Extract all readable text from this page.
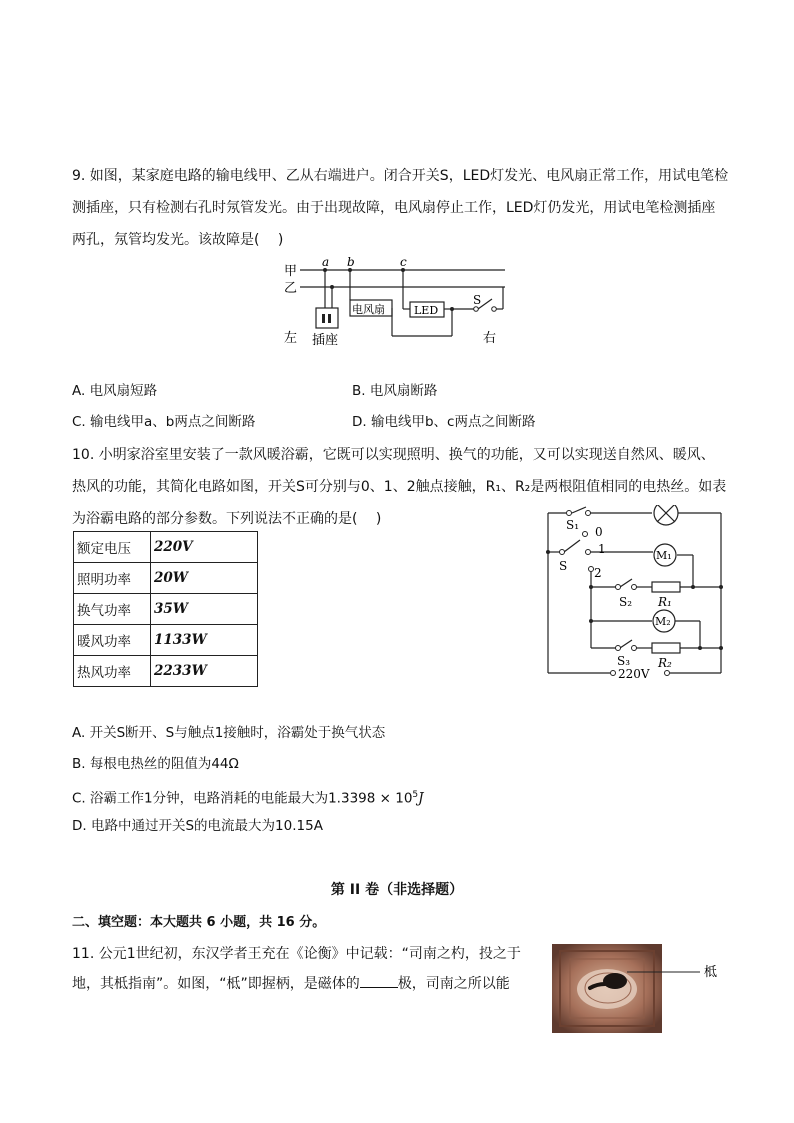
9. 如图，某家庭电路的输电线甲、乙从右端进户。闭合开关S，LED灯发光、电风扇正常工作，用试电笔检
测插座，只有检测右孔时氖管发光。由于出现故障，电风扇停止工作，LED灯仍发光，用试电笔检测插座
两孔，氖管均发光。该故障是(　 )
甲
乙
a b	c
电风扇	LED
S
左 插座	右
A. 电风扇短路	B. 电风扇断路
C. 输电线甲a、b两点之间断路	D. 输电线甲b、c两点之间断路
10. 小明家浴室里安装了一款风暖浴霸，它既可以实现照明、换气的功能，又可以实现送自然风、暖风、
热风的功能，其简化电路如图，开关S可分别与0、1、2触点接触，R₁、R₂是两根阻值相同的电热丝。如表
为浴霸电路的部分参数。下列说法不正确的是(　 )
额定电压	220V
照明功率	20W
换气功率	35W
暖风功率	1133W
热风功率	2233W
S₁ 0
1
2
S
M₁
S₂ R₁
M₂
S₃ R₂
220V
A. 开关S断开、S与触点1接触时，浴霸处于换气状态
B. 每根电热丝的阻值为44Ω
C. 浴霸工作1分钟，电路消耗的电能最大为$1.3398 \times 10^5J$
D. 电路中通过开关S的电流最大为10.15A
第 II 卷（非选择题）
二、填空题：本大题共 6 小题，共 16 分。
11. 公元1世纪初，东汉学者王充在《论衡》中记载：“司南之杓，投之于
地，其柢指南”。如图，“柢”即握柄，是磁体的	极，司南之所以能
柢
